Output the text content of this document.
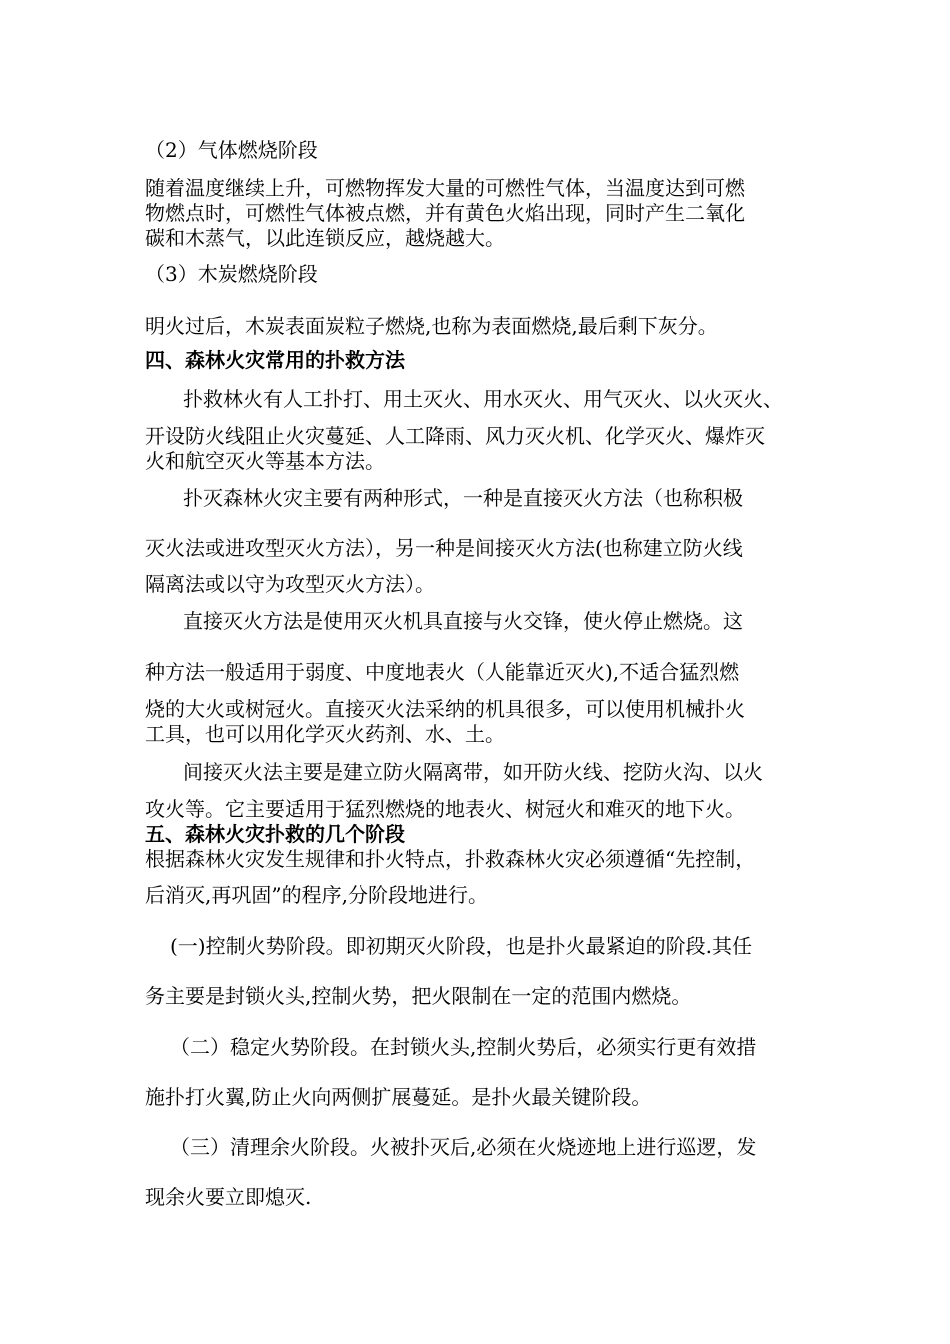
（2）气体燃烧阶段
随着温度继续上升，可燃物挥发大量的可燃性气体，当温度达到可燃
物燃点时，可燃性气体被点燃，并有黄色火焰出现，同时产生二氧化
碳和木蒸气，以此连锁反应，越烧越大。
（3）木炭燃烧阶段
明火过后，木炭表面炭粒子燃烧,也称为表面燃烧,最后剩下灰分。
四、森林火灾常用的扑救方法
扑救林火有人工扑打、用土灭火、用水灭火、用气灭火、以火灭火、
开设防火线阻止火灾蔓延、人工降雨、风力灭火机、化学灭火、爆炸灭
火和航空灭火等基本方法。
扑灭森林火灾主要有两种形式，一种是直接灭火方法（也称积极
灭火法或进攻型灭火方法），另一种是间接灭火方法(也称建立防火线
隔离法或以守为攻型灭火方法）。
直接灭火方法是使用灭火机具直接与火交锋，使火停止燃烧。这
种方法一般适用于弱度、中度地表火（人能靠近灭火),不适合猛烈燃
烧的大火或树冠火。直接灭火法采纳的机具很多，可以使用机械扑火
工具，也可以用化学灭火药剂、水、土。
间接灭火法主要是建立防火隔离带，如开防火线、挖防火沟、以火
攻火等。它主要适用于猛烈燃烧的地表火、树冠火和难灭的地下火。
五、森林火灾扑救的几个阶段
根据森林火灾发生规律和扑火特点，扑救森林火灾必须遵循“先控制，
后消灭,再巩固”的程序,分阶段地进行。
(一)控制火势阶段。即初期灭火阶段，也是扑火最紧迫的阶段.其任
务主要是封锁火头,控制火势，把火限制在一定的范围内燃烧。
（二）稳定火势阶段。在封锁火头,控制火势后，必须实行更有效措
施扑打火翼,防止火向两侧扩展蔓延。是扑火最关键阶段。
（三）清理余火阶段。火被扑灭后,必须在火烧迹地上进行巡逻，发
现余火要立即熄灭.
